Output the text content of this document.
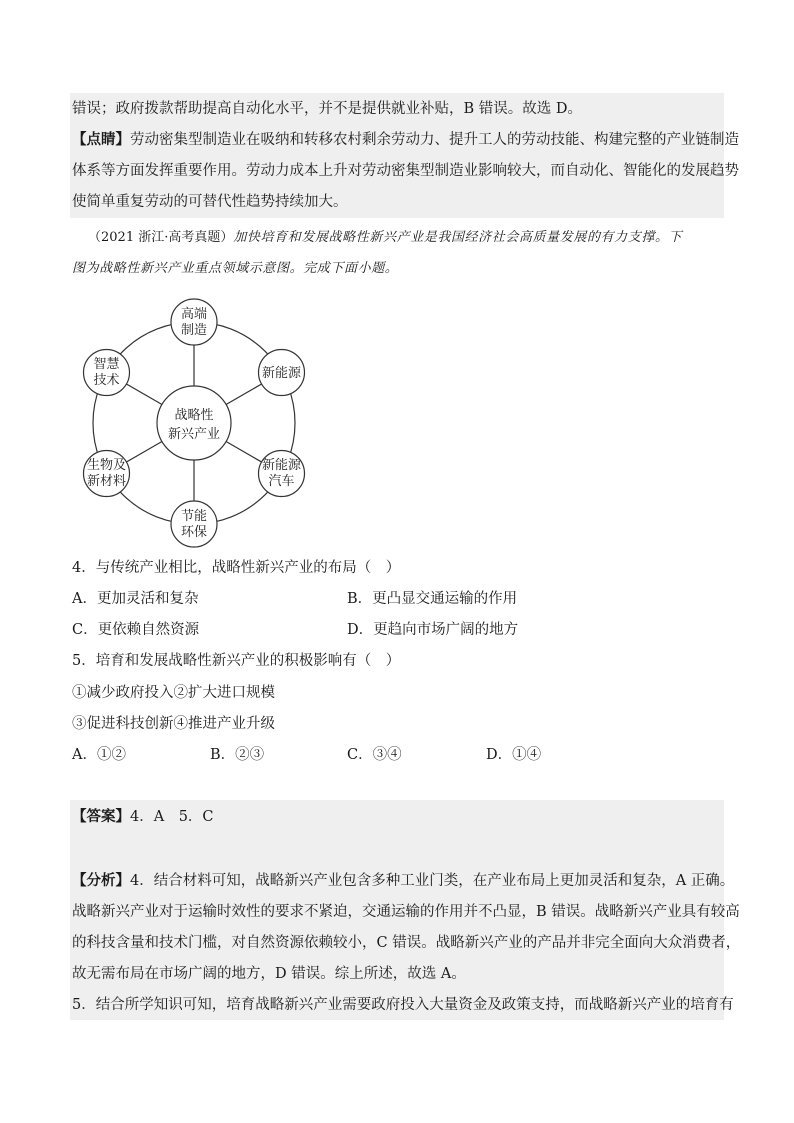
错误；政府拨款帮助提高自动化水平，并不是提供就业补贴，B 错误。故选 D。
【点睛】劳动密集型制造业在吸纳和转移农村剩余劳动力、提升工人的劳动技能、构建完整的产业链制造
体系等方面发挥重要作用。劳动力成本上升对劳动密集型制造业影响较大，而自动化、智能化的发展趋势
使简单重复劳动的可替代性趋势持续加大。
（2021 浙江·高考真题）加快培育和发展战略性新兴产业是我国经济社会高质量发展的有力支撑。下
图为战略性新兴产业重点领域示意图。完成下面小题。
战略性
新兴产业
高端
制造
新能源
新能源
汽车
节能
环保
生物及
新材料
智慧
技术
4．与传统产业相比，战略性新兴产业的布局（　）
A．更加灵活和复杂	B．更凸显交通运输的作用
C．更依赖自然资源	D．更趋向市场广阔的地方
5．培育和发展战略性新兴产业的积极影响有（　）
①减少政府投入②扩大进口规模
③促进科技创新④推进产业升级
A．①②	B．②③	C．③④	D．①④
【答案】4．A　5．C
【分析】4．结合材料可知，战略新兴产业包含多种工业门类，在产业布局上更加灵活和复杂，A 正确。
战略新兴产业对于运输时效性的要求不紧迫，交通运输的作用并不凸显，B 错误。战略新兴产业具有较高
的科技含量和技术门槛，对自然资源依赖较小，C 错误。战略新兴产业的产品并非完全面向大众消费者，
故无需布局在市场广阔的地方，D 错误。综上所述，故选 A。
5．结合所学知识可知，培育战略新兴产业需要政府投入大量资金及政策支持，而战略新兴产业的培育有
